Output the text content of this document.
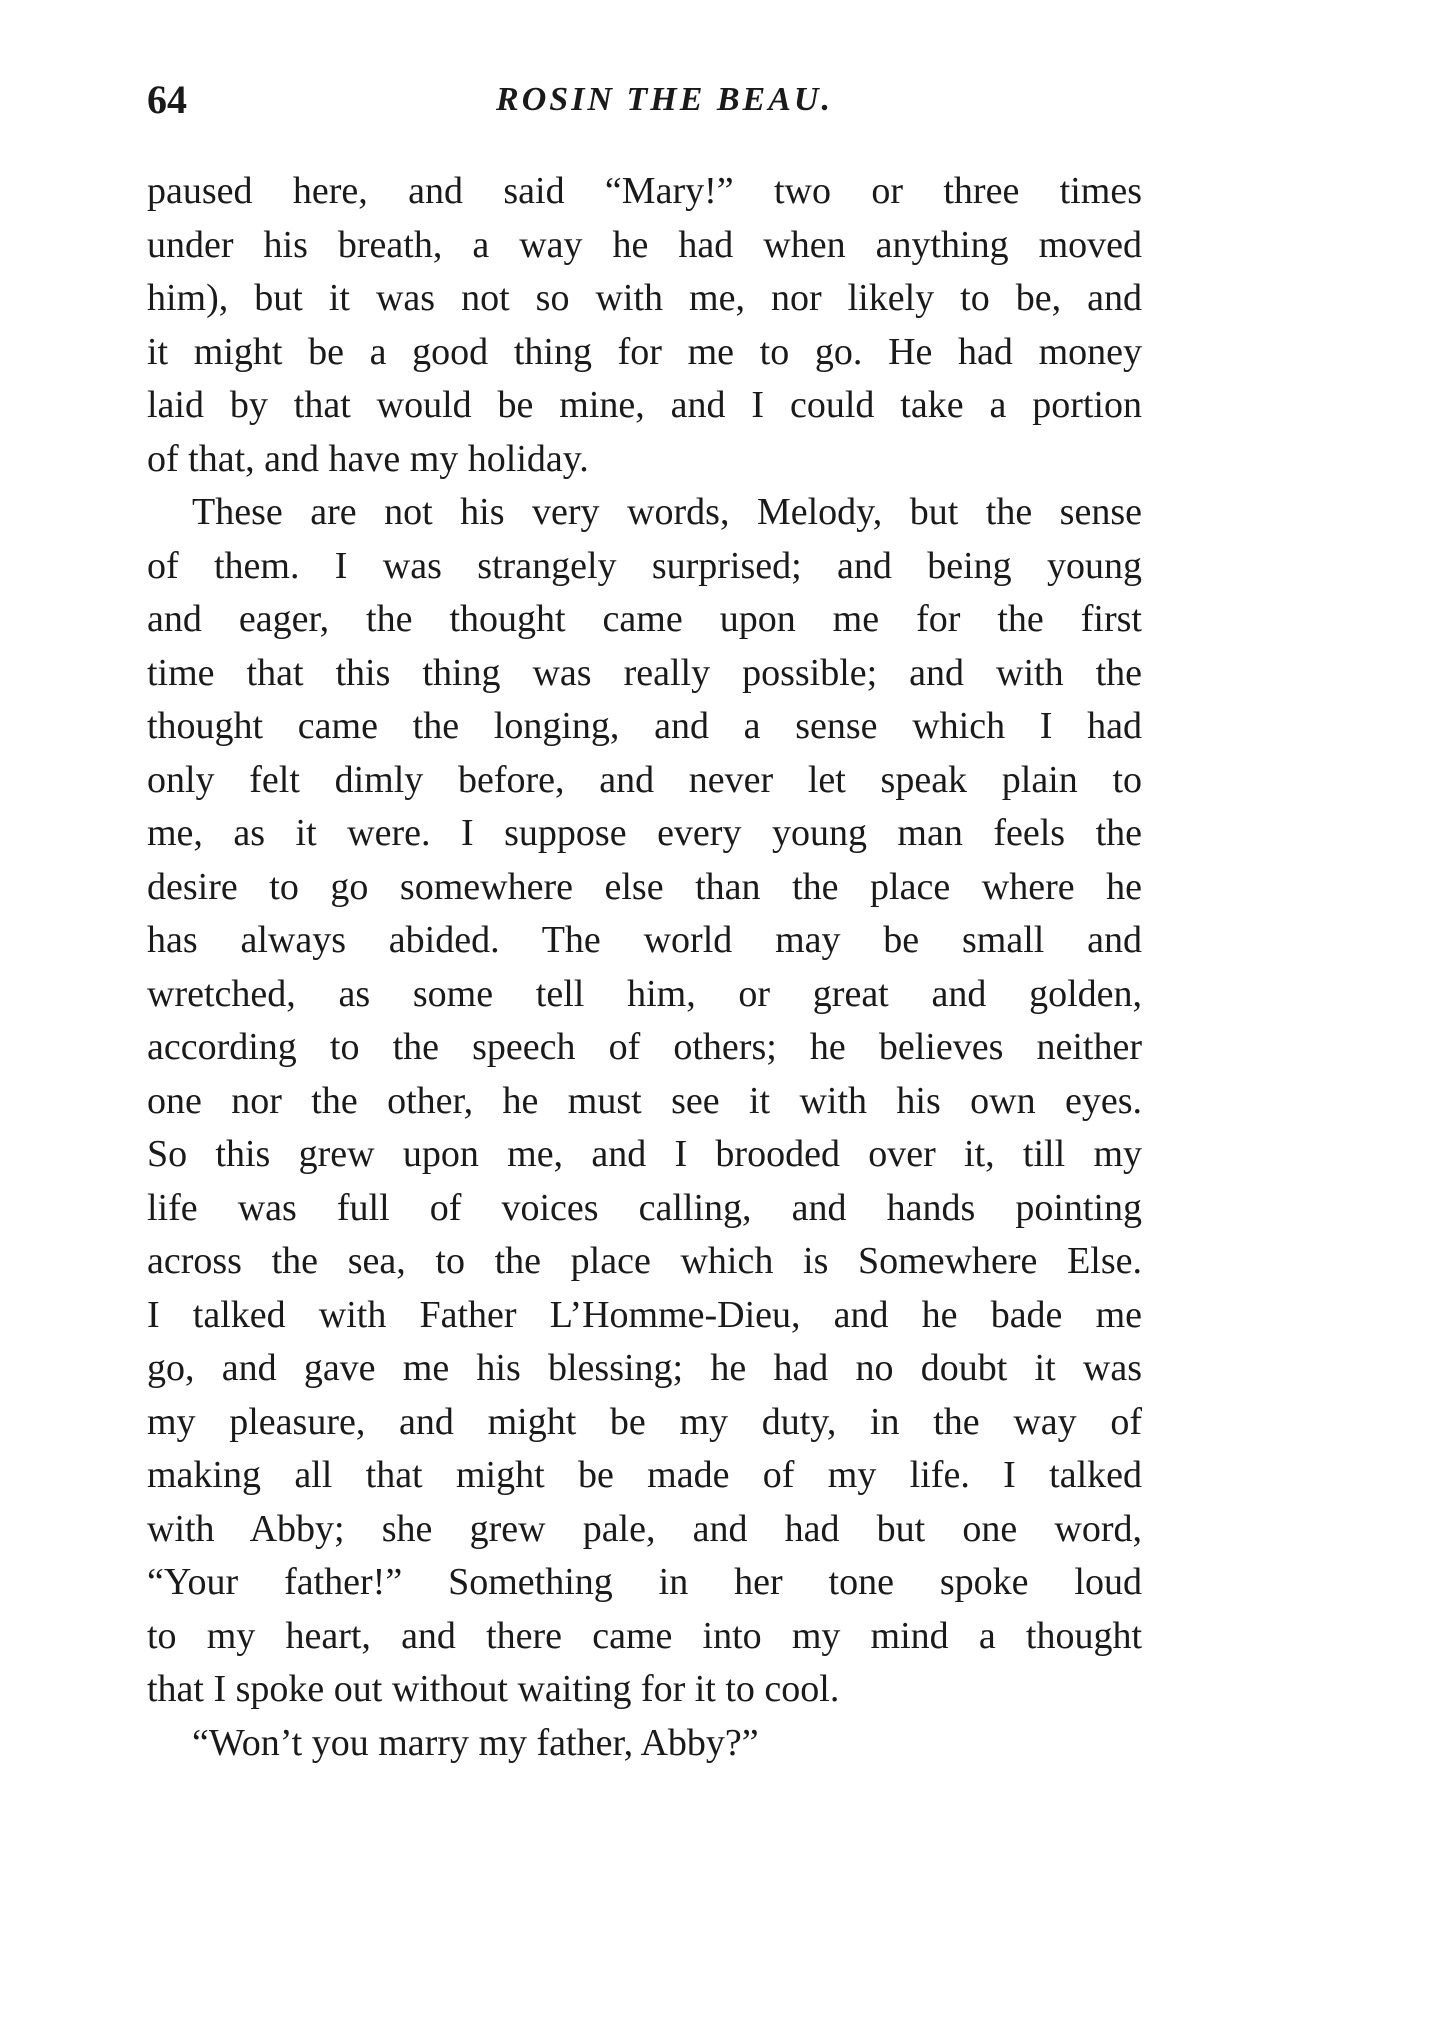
64	ROSIN THE BEAU.
paused here, and said “Mary!” two or three times
under his breath, a way he had when anything moved
him), but it was not so with me, nor likely to be, and
it might be a good thing for me to go. He had money
laid by that would be mine, and I could take a portion
of that, and have my holiday.
These are not his very words, Melody, but the sense
of them. I was strangely surprised; and being young
and eager, the thought came upon me for the first
time that this thing was really possible; and with the
thought came the longing, and a sense which I had
only felt dimly before, and never let speak plain to
me, as it were. I suppose every young man feels the
desire to go somewhere else than the place where he
has always abided. The world may be small and
wretched, as some tell him, or great and golden,
according to the speech of others; he believes neither
one nor the other, he must see it with his own eyes.
So this grew upon me, and I brooded over it, till my
life was full of voices calling, and hands pointing
across the sea, to the place which is Somewhere Else.
I talked with Father L’Homme-Dieu, and he bade me
go, and gave me his blessing; he had no doubt it was
my pleasure, and might be my duty, in the way of
making all that might be made of my life. I talked
with Abby; she grew pale, and had but one word,
“Your father!” Something in her tone spoke loud
to my heart, and there came into my mind a thought
that I spoke out without waiting for it to cool.
“Won’t you marry my father, Abby?”
